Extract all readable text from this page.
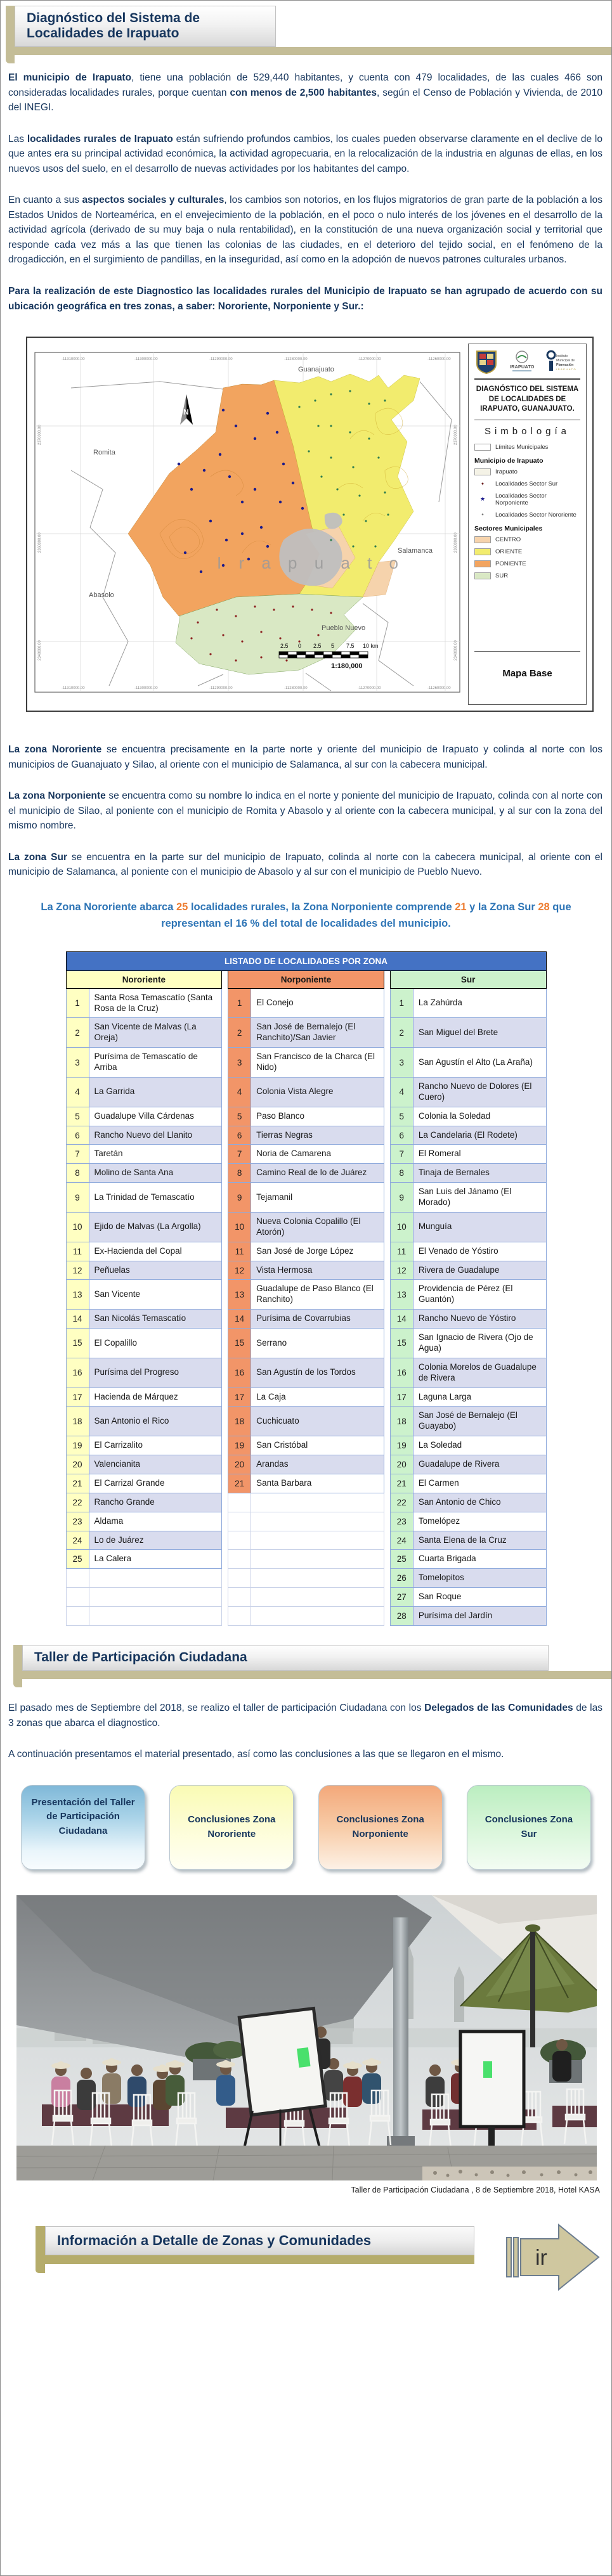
Diagnóstico del Sistema de Localidades de Irapuato

El municipio de Irapuato, tiene una población de 529,440 habitantes, y cuenta con 479 localidades, de las cuales 466 son consideradas localidades rurales, porque cuentan con menos de 2,500 habitantes, según el Censo de Población y Vivienda, de 2010 del INEGI.

Las localidades rurales de Irapuato están sufriendo profundos cambios, los cuales pueden observarse claramente en el declive de lo que antes era su principal actividad económica, la actividad agropecuaria, en la relocalización de la industria en algunas de ellas, en los nuevos usos del suelo, en el desarrollo de nuevas actividades por los habitantes del campo.

En cuanto a sus aspectos sociales y culturales, los cambios son notorios, en los flujos migratorios de gran parte de la población a los Estados Unidos de Norteamérica, en el envejecimiento de la población, en el poco o nulo interés de los jóvenes en el desarrollo de la actividad agrícola (derivado de su muy baja o nula rentabilidad), en la constitución de una nueva organización social y territorial que responde cada vez más a las que tienen las colonias de las ciudades, en el deterioro del tejido social, en el fenómeno de la drogadicción, en el surgimiento de pandillas, en la inseguridad, así como en la adopción de nuevos patrones culturales urbanos.

Para la realización de este Diagnostico las localidades rurales del Municipio de Irapuato se han agrupado de acuerdo con su ubicación geográfica en tres zonas, a saber: Nororiente, Norponiente y Sur.:

-11310000.00	-11300000.00	-11290000.00	-11280000.00	-11270000.00	-11260000.00
-11310000.00	-11300000.00	-11290000.00	-11280000.00	-11270000.00	-11260000.00
2370000.00
2360000.00
2340000.00
2370000.00
2360000.00
2340000.00
Guanajuato
Romita
Abasolo
Salamanca
Pueblo Nuevo
I r a p u a t o
N
2.5 0 2.5 5 7.5 10 km
1:180,000
IRAPUATO
Instituto
Municipal de
Planeación
IRAPUATO
DIAGNÓSTICO DEL SISTEMA DE LOCALIDADES DE IRAPUATO, GUANAJUATO.
Simbología
Límites Municipales
Municipio de Irapuato
Irapuato
✦	Localidades Sector Sur
★	Localidades Sector Norponiente
•	Localidades Sector Nororiente
Sectores Municipales
CENTRO
ORIENTE
PONIENTE
SUR
Mapa Base

La zona Nororiente se encuentra precisamente en la parte norte y oriente del municipio de Irapuato y colinda al norte con los municipios de Guanajuato y Silao, al oriente con el municipio de Salamanca, al sur con la cabecera municipal.

La zona Norponiente se encuentra como su nombre lo indica en el norte y poniente del municipio de Irapuato, colinda con al norte con el municipio de Silao, al poniente con el municipio de Romita y Abasolo y al oriente con la cabecera municipal, y al sur con la zona del mismo nombre.

La zona Sur se encuentra en la parte sur del municipio de Irapuato, colinda al norte con la cabecera municipal, al oriente con el municipio de Salamanca, al poniente con el municipio de Abasolo y al sur con el municipio de Pueblo Nuevo.

La Zona Nororiente abarca 25 localidades rurales, la Zona Norponiente comprende 21 y la Zona Sur 28 que representan el 16 % del total de localidades del municipio.

LISTADO DE LOCALIDADES POR ZONA							
Nororiente			Norponiente			Sur	
1	Santa Rosa Temascatío (Santa Rosa de la Cruz)		1	El Conejo		1	La Zahúrda
2	San Vicente de Malvas (La Oreja)		2	San José de Bernalejo (El Ranchito)/San Javier		2	San Miguel del Brete
3	Purísima de Temascatío de Arriba		3	San Francisco de la Charca (El Nido)		3	San Agustín el Alto (La Araña)
4	La Garrida		4	Colonia Vista Alegre		4	Rancho Nuevo de Dolores (El Cuero)
5	Guadalupe Villa Cárdenas		5	Paso Blanco		5	Colonia la Soledad
6	Rancho Nuevo del Llanito		6	Tierras Negras		6	La Candelaria (El Rodete)
7	Taretán		7	Noria de Camarena		7	El Romeral
8	Molino de Santa Ana		8	Camino Real de lo de Juárez		8	Tinaja de Bernales
9	La Trinidad de Temascatío		9	Tejamanil		9	San Luis del Jánamo (El Morado)
10	Ejido de Malvas (La Argolla)		10	Nueva Colonia Copalillo (El Atorón)		10	Munguía
11	Ex-Hacienda del Copal		11	San José de Jorge López		11	El Venado de Yóstiro
12	Peñuelas		12	Vista Hermosa		12	Rivera de Guadalupe
13	San Vicente		13	Guadalupe de Paso Blanco (El Ranchito)		13	Providencia de Pérez (El Guantón)
14	San Nicolás Temascatío		14	Purísima de Covarrubias		14	Rancho Nuevo de Yóstiro
15	El Copalillo		15	Serrano		15	San Ignacio de Rivera (Ojo de Agua)
16	Purísima del Progreso		16	San Agustín de los Tordos		16	Colonia Morelos de Guadalupe de Rivera
17	Hacienda de Márquez		17	La Caja		17	Laguna Larga
18	San Antonio el Rico		18	Cuchicuato		18	San José de Bernalejo (El Guayabo)
19	El Carrizalito		19	San Cristóbal		19	La Soledad
20	Valencianita		20	Arandas		20	Guadalupe de Rivera
21	El Carrizal Grande		21	Santa Barbara		21	El Carmen
22	Rancho Grande					22	San Antonio de Chico
23	Aldama					23	Tomelópez
24	Lo de Juárez					24	Santa Elena de la Cruz
25	La Calera					25	Cuarta Brigada
						26	Tomelopitos
						27	San Roque
						28	Purísima del Jardín
Taller de Participación Ciudadana

El pasado mes de Septiembre del 2018, se realizo el taller de participación Ciudadana con los Delegados de las Comunidades de las 3 zonas que abarca el diagnostico.

A continuación presentamos el material presentado, así como las conclusiones a las que se llegaron en el mismo.

Presentación del Taller de Participación Ciudadana
Conclusiones Zona Nororiente
Conclusiones Zona Norponiente
Conclusiones Zona Sur
Taller de Participación Ciudadana , 8 de Septiembre 2018, Hotel KASA
Información a Detalle de Zonas y Comunidades
ir
